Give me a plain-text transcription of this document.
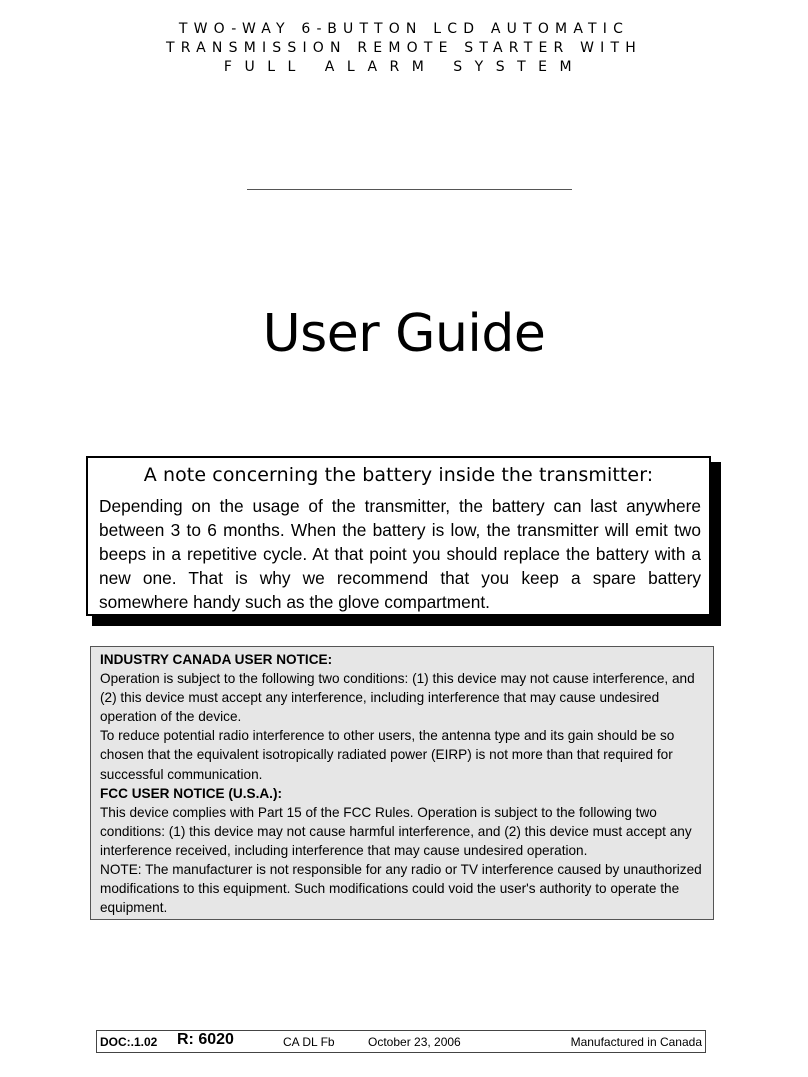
TWO-WAY 6-BUTTON LCD AUTOMATIC
TRANSMISSION REMOTE STARTER WITH
FULL ALARM SYSTEM
User Guide
A note concerning the battery inside the transmitter:
Depending on the usage of the transmitter, the battery can last anywhere between 3 to 6 months. When the battery is low, the transmitter will emit two beeps in a repetitive cycle. At that point you should replace the battery with a new one. That is why we recommend that you keep a spare battery somewhere handy such as the glove compartment.

INDUSTRY CANADA USER NOTICE:

Operation is subject to the following two conditions: (1) this device may not cause interference, and (2) this device must accept any interference, including interference that may cause undesired operation of the device.

To reduce potential radio interference to other users, the antenna type and its gain should be so chosen that the equivalent isotropically radiated power (EIRP) is not more than that required for successful communication.

FCC USER NOTICE (U.S.A.):

This device complies with Part 15 of the FCC Rules. Operation is subject to the following two conditions: (1) this device may not cause harmful interference, and (2) this device must accept any interference received, including interference that may cause undesired operation.

NOTE: The manufacturer is not responsible for any radio or TV interference caused by unauthorized modifications to this equipment. Such modifications could void the user's authority to operate the equipment.

DOC:.1.02 R: 6020	CA DL Fb	October 23, 2006	Manufactured in Canada
